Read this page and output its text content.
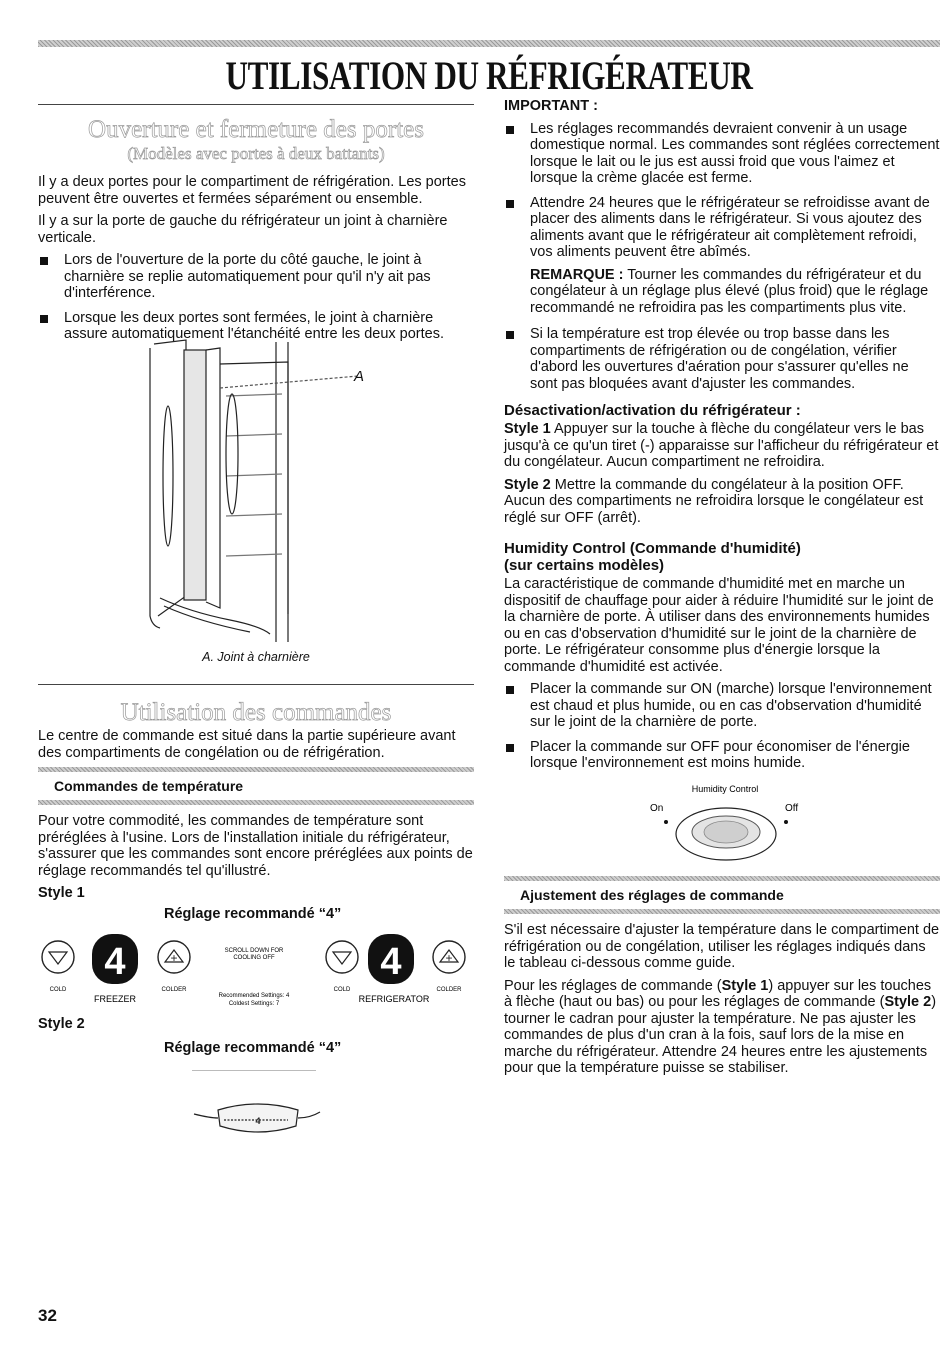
UTILISATION DU RÉFRIGÉRATEUR
Ouverture et fermeture des portes
(Modèles avec portes à deux battants)

Il y a deux portes pour le compartiment de réfrigération. Les portes peuvent être ouvertes et fermées séparément ou ensemble.

Il y a sur la porte de gauche du réfrigérateur un joint à charnière verticale.

Lors de l'ouverture de la porte du côté gauche, le joint à charnière se replie automatiquement pour qu'il n'y ait pas d'interférence.
Lorsque les deux portes sont fermées, le joint à charnière assure automatiquement l'étanchéité entre les deux portes.
A
A. Joint à charnière
Utilisation des commandes

Le centre de commande est situé dans la partie supérieure avant des compartiments de congélation ou de réfrigération.

Commandes de température

Pour votre commodité, les commandes de température sont préréglées à l'usine. Lors de l'installation initiale du réfrigérateur, s'assurer que les commandes sont encore préréglées aux points de réglage recommandés tel qu'illustré.

Style 1
Réglage recommandé “4”
4	+
COLD
FREEZER
COLDER
SCROLL DOWN FOR
COOLING OFF
Recommended Settings: 4
Coldest Settings: 7
4	+
COLD
REFRIGERATOR
COLDER
Style 2
Réglage recommandé “4”
4
IMPORTANT :
Les réglages recommandés devraient convenir à un usage domestique normal. Les commandes sont réglées correctement lorsque le lait ou le jus est aussi froid que vous l'aimez et lorsque la crème glacée est ferme.
Attendre 24 heures que le réfrigérateur se refroidisse avant de placer des aliments dans le réfrigérateur. Si vous ajoutez des aliments avant que le réfrigérateur ait complètement refroidi, vos aliments peuvent être abîmés.

REMARQUE : Tourner les commandes du réfrigérateur et du congélateur à un réglage plus élevé (plus froid) que le réglage recommandé ne refroidira pas les compartiments plus vite.

Si la température est trop élevée ou trop basse dans les compartiments de réfrigération ou de congélation, vérifier d'abord les ouvertures d'aération pour s'assurer qu'elles ne sont pas bloquées avant d'ajuster les commandes.
Désactivation/activation du réfrigérateur :

Style 1 Appuyer sur la touche à flèche du congélateur vers le bas jusqu'à ce qu'un tiret (-) apparaisse sur l'afficheur du réfrigérateur et du congélateur. Aucun compartiment ne refroidira.

Style 2 Mettre la commande du congélateur à la position OFF. Aucun des compartiments ne refroidira lorsque le congélateur est réglé sur OFF (arrêt).

Humidity Control (Commande d'humidité)
(sur certains modèles)

La caractéristique de commande d'humidité met en marche un dispositif de chauffage pour aider à réduire l'humidité sur le joint de la charnière de porte. À utiliser dans des environnements humides ou en cas d'observation d'humidité sur le joint de la charnière de porte. Le réfrigérateur consomme plus d'énergie lorsque la commande d'humidité est activée.

Placer la commande sur ON (marche) lorsque l'environnement est chaud et plus humide, ou en cas d'observation d'humidité sur le joint de la charnière de porte.
Placer la commande sur OFF pour économiser de l'énergie lorsque l'environnement est moins humide.
Humidity Control
On	Off
Ajustement des réglages de commande

S'il est nécessaire d'ajuster la température dans le compartiment de réfrigération ou de congélation, utiliser les réglages indiqués dans le tableau ci-dessous comme guide.

Pour les réglages de commande (Style 1) appuyer sur les touches à flèche (haut ou bas) ou pour les réglages de commande (Style 2) tourner le cadran pour ajuster la température. Ne pas ajuster les commandes de plus d'un cran à la fois, sauf lors de la mise en marche du réfrigérateur. Attendre 24 heures entre les ajustements pour que la température puisse se stabiliser.

32
